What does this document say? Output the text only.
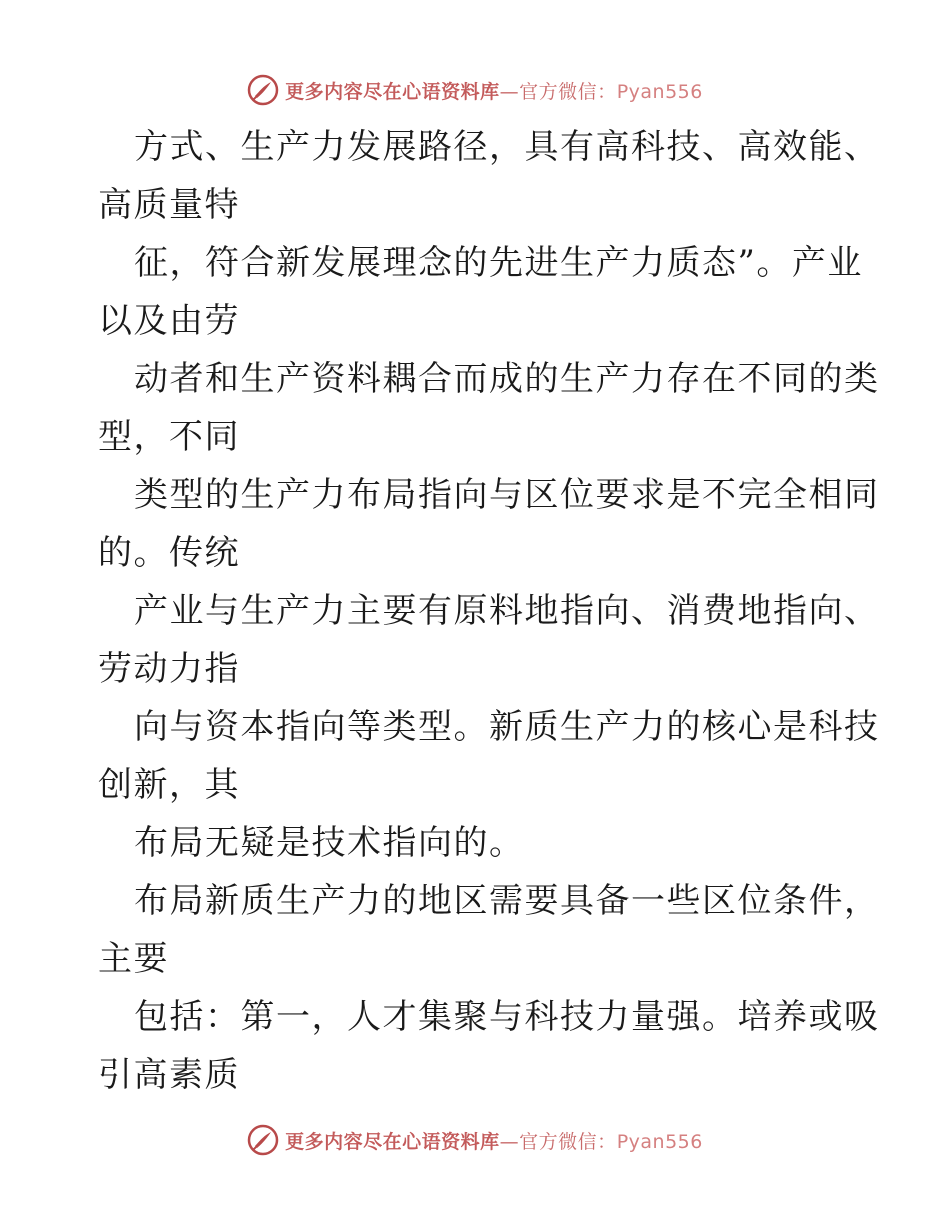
更多内容尽在心语资料库—官方微信：Pyan556
方式、生产力发展路径，具有高科技、高效能、
高质量特
征，符合新发展理念的先进生产力质态”。产业
以及由劳
动者和生产资料耦合而成的生产力存在不同的类
型，不同
类型的生产力布局指向与区位要求是不完全相同
的。传统
产业与生产力主要有原料地指向、消费地指向、
劳动力指
向与资本指向等类型。新质生产力的核心是科技
创新，其
布局无疑是技术指向的。
布局新质生产力的地区需要具备一些区位条件，
主要
包括：第一，人才集聚与科技力量强。培养或吸
引高素质
更多内容尽在心语资料库—官方微信：Pyan556
